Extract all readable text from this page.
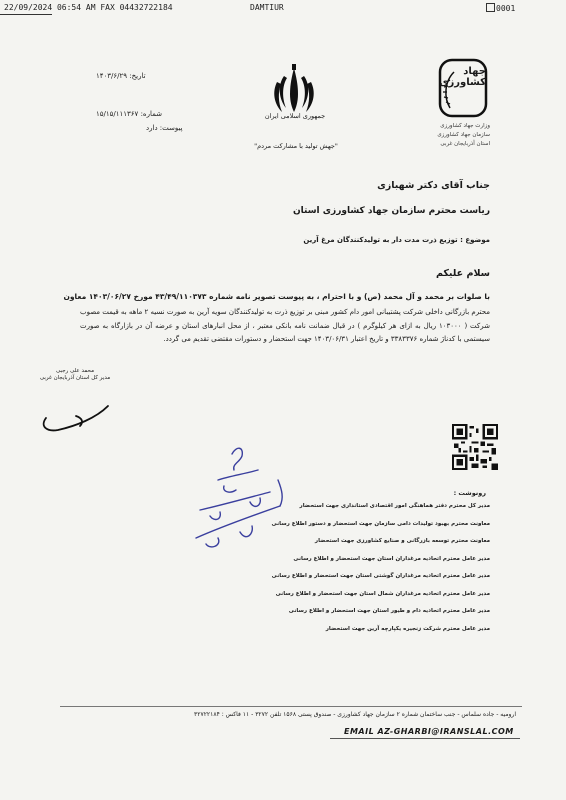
22/09/2024 06:54 AM FAX 04432722184	DAMTIUR	0001
تاریخ: ۱۴۰۳/۶/۲۹
شماره: ۱۵/۱۵/۱۱۱۳۶۷
پیوست: دارد
جمهوری اسلامی ایران
"جهش تولید با مشارکت مردم"
جهاد کشاورزی
وزارت جهاد کشاورزی
سازمان جهاد کشاورزی
استان آذربایجان غربی
جناب آقای دکتر شهبازی
ریاست محترم سازمان جهاد کشاورزی استان
موضوع : توزیع ذرت مدت دار به تولیدکنندگان مرغ آرین
سلام علیکم
با صلوات بر محمد و آل محمد (ص) و با احترام ، به پیوست تصویر نامه شماره ۴۳/۴۹/۱۱۰۳۷۳ مورخ ۱۴۰۳/۰۶/۲۷ معاون
محترم بازرگانی داخلی شرکت پشتیبانی امور دام کشور مبنی بر توزیع ذرت به تولیدکنندگان سویه آرین به صورت نسیه ۲ ماهه به قیمت مصوب شرکت ( ۱۰۳۰۰۰ ریال به ازای هر کیلوگرم ) در قبال ضمانت نامه بانکی معتبر ، از محل انبارهای استان و عرضه آن در بازارگاه به صورت سیستمی با کدناژ شماره ۳۳۸۳۳۷۶ و تاریخ اعتبار ۱۴۰۳/۰۶/۳۱ جهت استحضار و دستورات مقتضی تقدیم می گردد.
محمد علی رجبی
مدیر کل استان آذربایجان غربی
رونوشت :
مدیر کل محترم دفتر هماهنگی امور اقتصادی استانداری جهت استحضار
معاونت محترم بهبود تولیدات دامی سازمان جهت استحضار و دستور اطلاع رسانی
معاونت محترم توسعه بازرگانی و صنایع کشاورزی جهت استحضار
مدیر عامل محترم اتحادیه مرغداران استان جهت استحضار و اطلاع رسانی
مدیر عامل محترم اتحادیه مرغداران گوشتی استان جهت استحضار و اطلاع رسانی
مدیر عامل محترم اتحادیه مرغداران شمال استان جهت استحضار و اطلاع رسانی
مدیر عامل محترم اتحادیه دام و طیور استان جهت استحضار و اطلاع رسانی
مدیر عامل محترم شرکت زنجیره یکپارچه آرین جهت استحضار
ارومیه - جاده سلماس - جنب ساختمان شماره ۲ سازمان جهاد کشاورزی - صندوق پستی ۱۵۶۸ تلفن ۳۲۷۲ - ۱۱ فاکس : ۳۲۷۲۲۱۸۴
EMAIL AZ-GHARBI@IRANSLAL.COM
